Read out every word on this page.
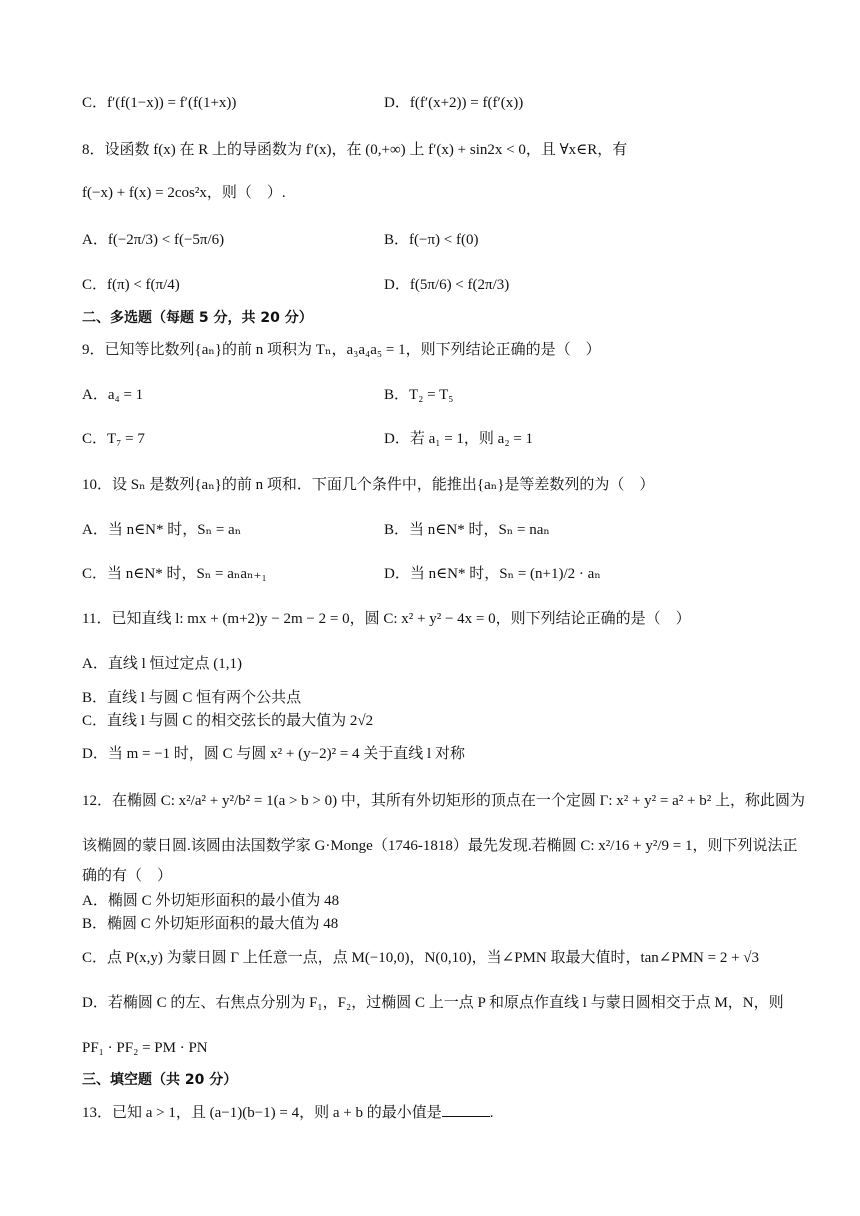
C．f′(f(1−x)) = f′(f(1+x))	D．f(f′(x+2)) = f(f′(x))
8．设函数 f(x) 在 R 上的导函数为 f′(x)，在 (0,+∞) 上 f′(x) + sin2x < 0，且 ∀x∈R，有
f(−x) + f(x) = 2cos²x，则（　）.
A．f(−2π/3) < f(−5π/6)	B．f(−π) < f(0)
C．f(π) < f(π/4)	D．f(5π/6) < f(2π/3)
二、多选题（每题 5 分，共 20 分）
9．已知等比数列{aₙ}的前 n 项积为 Tₙ，a₃a₄a₅ = 1，则下列结论正确的是（　）
A．a₄ = 1	B．T₂ = T₅
C．T₇ = 7	D．若 a₁ = 1，则 a₂ = 1
10．设 Sₙ 是数列{aₙ}的前 n 项和．下面几个条件中，能推出{aₙ}是等差数列的为（　）
A．当 n∈N* 时，Sₙ = aₙ	B．当 n∈N* 时，Sₙ = naₙ
C．当 n∈N* 时，Sₙ = aₙaₙ₊₁	D．当 n∈N* 时，Sₙ = (n+1)/2 · aₙ
11．已知直线 l: mx + (m+2)y − 2m − 2 = 0，圆 C: x² + y² − 4x = 0，则下列结论正确的是（　）
A．直线 l 恒过定点 (1,1)
B．直线 l 与圆 C 恒有两个公共点
C．直线 l 与圆 C 的相交弦长的最大值为 2√2
D．当 m = −1 时，圆 C 与圆 x² + (y−2)² = 4 关于直线 l 对称
12．在椭圆 C: x²/a² + y²/b² = 1(a > b > 0) 中，其所有外切矩形的顶点在一个定圆 Γ: x² + y² = a² + b² 上，称此圆为
该椭圆的蒙日圆.该圆由法国数学家 G·Monge（1746-1818）最先发现.若椭圆 C: x²/16 + y²/9 = 1，则下列说法正
确的有（　）
A．椭圆 C 外切矩形面积的最小值为 48
B．椭圆 C 外切矩形面积的最大值为 48
C．点 P(x,y) 为蒙日圆 Γ 上任意一点，点 M(−10,0)，N(0,10)，当∠PMN 取最大值时，tan∠PMN = 2 + √3
D．若椭圆 C 的左、右焦点分别为 F₁，F₂，过椭圆 C 上一点 P 和原点作直线 l 与蒙日圆相交于点 M，N，则
PF₁ · PF₂ = PM · PN
三、填空题（共 20 分）
13．已知 a > 1，且 (a−1)(b−1) = 4，则 a + b 的最小值是	.
